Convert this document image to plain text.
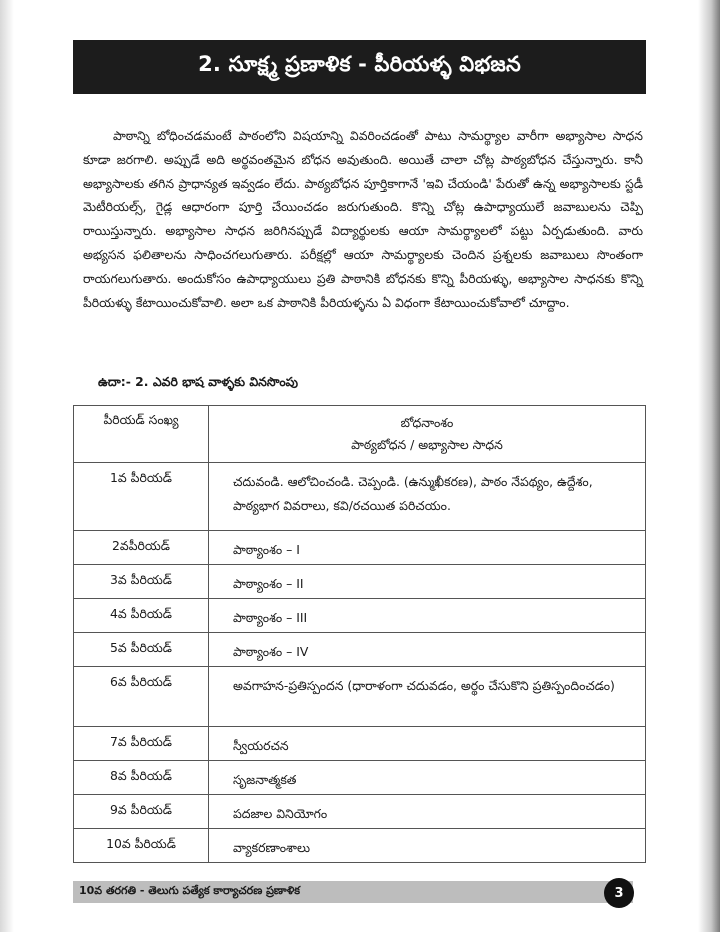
2. సూక్ష్మ ప్రణాళిక - పీరియళ్ళ విభజన

పాఠాన్ని బోధించడమంటే పాఠంలోని విషయాన్ని వివరించడంతో పాటు సామర్థ్యాల వారీగా అభ్యాసాల సాధన కూడా జరగాలి. అప్పుడే అది అర్థవంతమైన బోధన అవుతుంది. అయితే చాలా చోట్ల పాఠ్యబోధన చేస్తున్నారు. కానీ అభ్యాసాలకు తగిన ప్రాధాన్యత ఇవ్వడం లేదు. పాఠ్యబోధన పూర్తికాగానే 'ఇవి చేయండి' పేరుతో ఉన్న అభ్యాసాలకు స్టడీ మెటీరియల్స్, గైడ్ల ఆధారంగా పూర్తి చేయించడం జరుగుతుంది. కొన్ని చోట్ల ఉపాధ్యాయులే జవాబులను చెప్పి రాయిస్తున్నారు. అభ్యాసాల సాధన జరిగినప్పుడే విద్యార్థులకు ఆయా సామర్థ్యాలలో పట్టు ఏర్పడుతుంది. వారు అభ్యసన ఫలితాలను సాధించగలుగుతారు. పరీక్షల్లో ఆయా సామర్థ్యాలకు చెందిన ప్రశ్నలకు జవాబులు సొంతంగా రాయగలుగుతారు. అందుకోసం ఉపాధ్యాయులు ప్రతి పాఠానికి బోధనకు కొన్ని పీరియళ్ళు, అభ్యాసాల సాధనకు కొన్ని పీరియళ్ళు కేటాయించుకోవాలి. అలా ఒక పాఠానికి పీరియళ్ళను ఏ విధంగా కేటాయించుకోవాలో చూద్దాం.

ఉదా:- 2. ఎవరి భాష వాళ్ళకు వినసొంపు
పీరియడ్ సంఖ్య	బోధనాంశం
పాఠ్యబోధన / అభ్యాసాల సాధన

1వ పీరియడ్	చదువండి. ఆలోచించండి. చెప్పండి. (ఉన్ముఖీకరణ), పాఠం నేపథ్యం, ఉద్దేశం, పాఠ్యభాగ వివరాలు, కవి/రచయిత పరిచయం.
2వపీరియడ్	పాఠ్యాంశం – I
3వ పీరియడ్	పాఠ్యాంశం – II
4వ పీరియడ్	పాఠ్యాంశం – III
5వ పీరియడ్	పాఠ్యాంశం – IV
6వ పీరియడ్	అవగాహన-ప్రతిస్పందన (ధారాళంగా చదువడం, అర్థం చేసుకొని ప్రతిస్పందించడం)
7వ పీరియడ్	స్వీయరచన
8వ పీరియడ్	సృజనాత్మకత
9వ పీరియడ్	పదజాల వినియోగం
10వ పీరియడ్	వ్యాకరణాంశాలు
10వ తరగతి - తెలుగు పత్యేక కార్యాచరణ ప్రణాళిక	3
